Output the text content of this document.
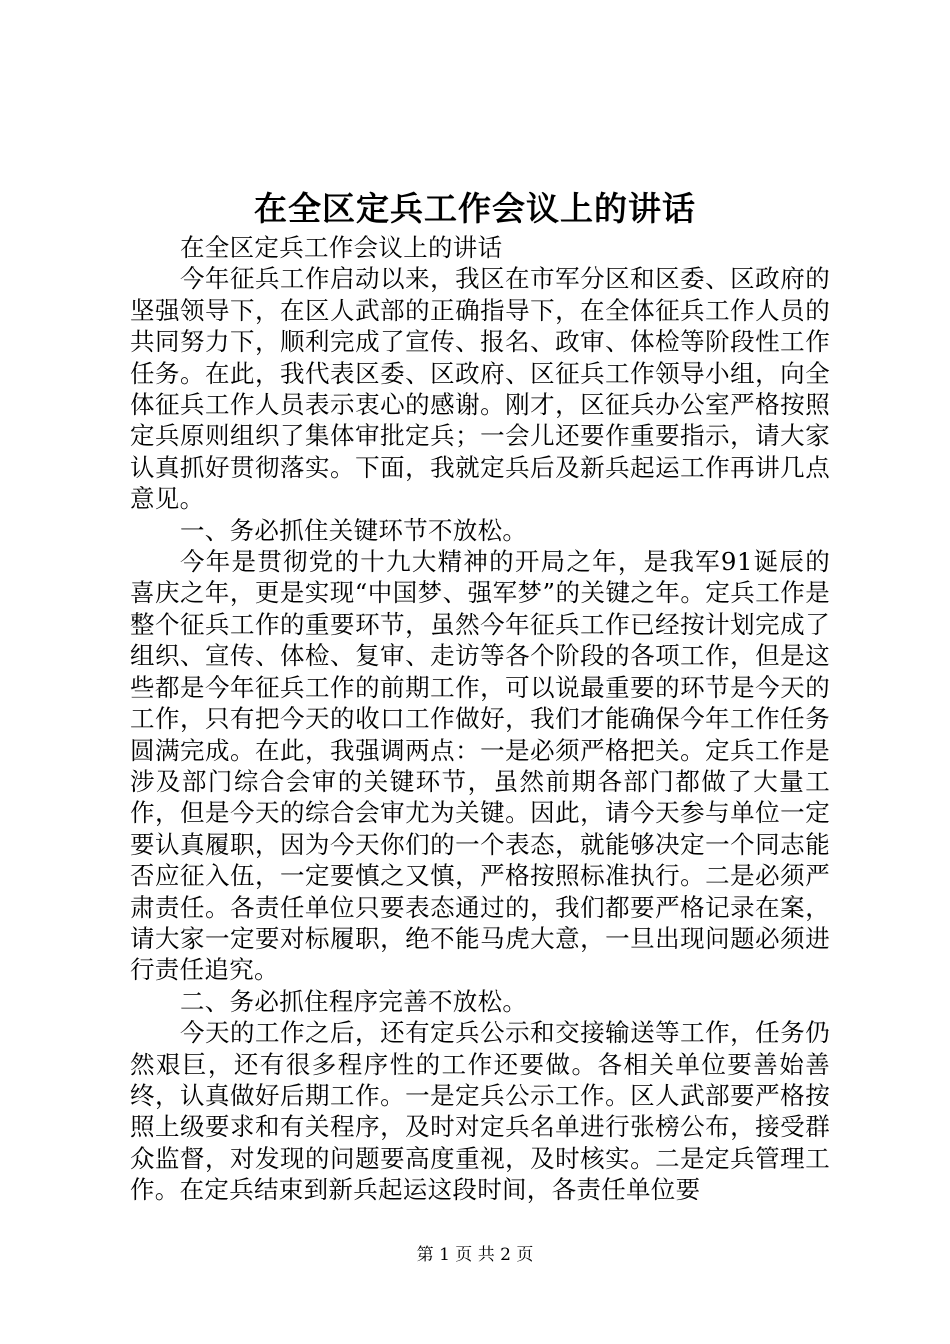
在全区定兵工作会议上的讲话

在全区定兵工作会议上的讲话

今年征兵工作启动以来，我区在市军分区和区委、区政府的坚强领导下，在区人武部的正确指导下，在全体征兵工作人员的共同努力下，顺利完成了宣传、报名、政审、体检等阶段性工作任务。在此，我代表区委、区政府、区征兵工作领导小组，向全体征兵工作人员表示衷心的感谢。刚才，区征兵办公室严格按照定兵原则组织了集体审批定兵；一会儿还要作重要指示，请大家认真抓好贯彻落实。下面，我就定兵后及新兵起运工作再讲几点意见。

一、务必抓住关键环节不放松。

今年是贯彻党的十九大精神的开局之年，是我军91诞辰的喜庆之年，更是实现“中国梦、强军梦”的关键之年。定兵工作是整个征兵工作的重要环节，虽然今年征兵工作已经按计划完成了组织、宣传、体检、复审、走访等各个阶段的各项工作，但是这些都是今年征兵工作的前期工作，可以说最重要的环节是今天的工作，只有把今天的收口工作做好，我们才能确保今年工作任务圆满完成。在此，我强调两点：一是必须严格把关。定兵工作是涉及部门综合会审的关键环节，虽然前期各部门都做了大量工作，但是今天的综合会审尤为关键。因此，请今天参与单位一定要认真履职，因为今天你们的一个表态，就能够决定一个同志能否应征入伍，一定要慎之又慎，严格按照标准执行。二是必须严肃责任。各责任单位只要表态通过的，我们都要严格记录在案，请大家一定要对标履职，绝不能马虎大意，一旦出现问题必须进行责任追究。

二、务必抓住程序完善不放松。

今天的工作之后，还有定兵公示和交接输送等工作，任务仍然艰巨，还有很多程序性的工作还要做。各相关单位要善始善终，认真做好后期工作。一是定兵公示工作。区人武部要严格按照上级要求和有关程序，及时对定兵名单进行张榜公布，接受群众监督，对发现的问题要高度重视，及时核实。二是定兵管理工作。在定兵结束到新兵起运这段时间，各责任单位要

第 1 页 共 2 页
